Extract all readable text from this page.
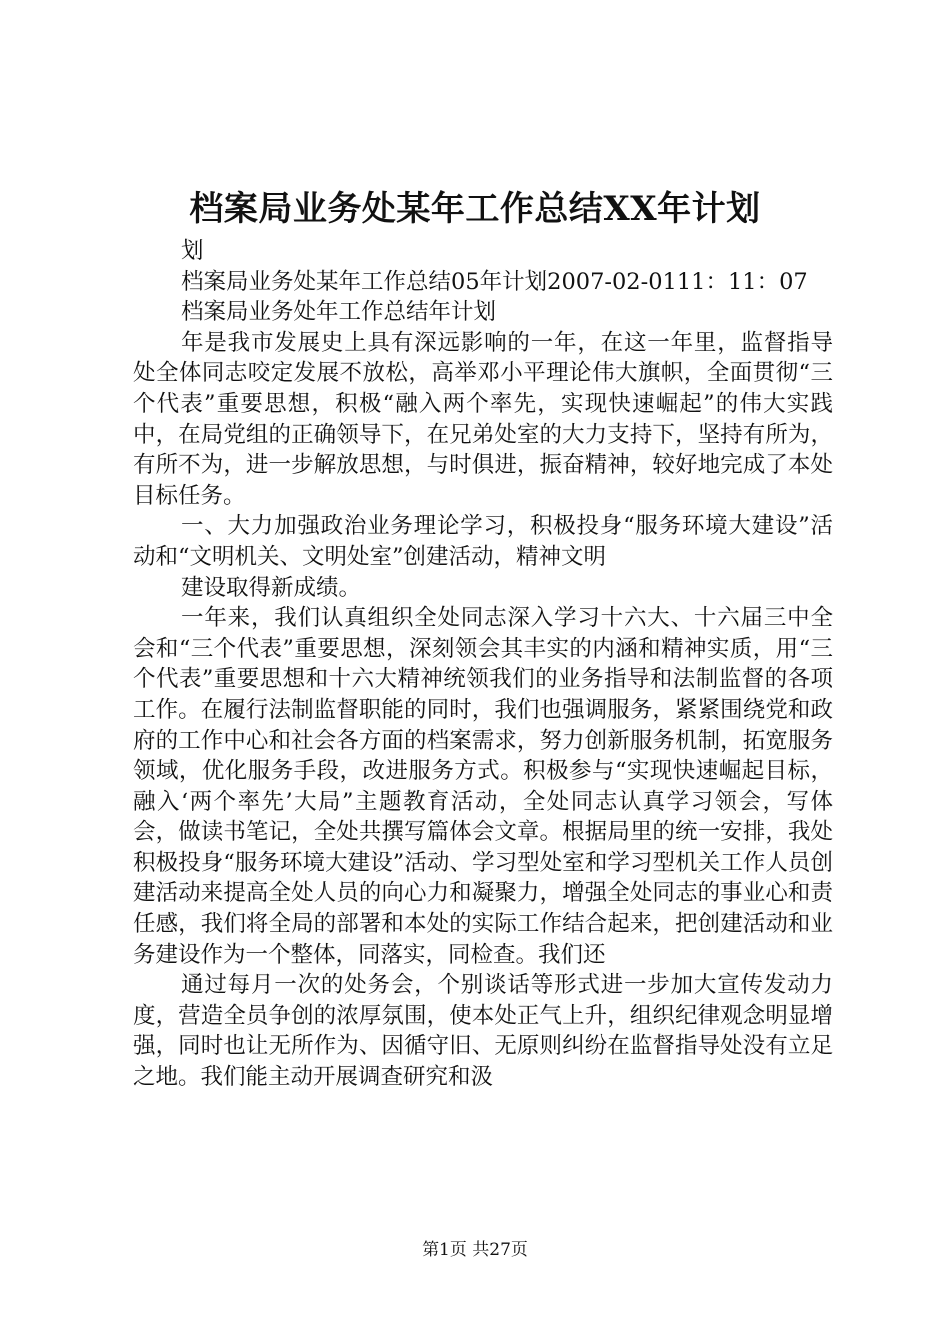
档案局业务处某年工作总结XX年计划

划

档案局业务处某年工作总结05年计划2007-02-0111：11：07

档案局业务处年工作总结年计划

年是我市发展史上具有深远影响的一年，在这一年里，监督指导处全体同志咬定发展不放松，高举邓小平理论伟大旗帜，全面贯彻“三个代表”重要思想，积极“融入两个率先，实现快速崛起”的伟大实践中，在局党组的正确领导下，在兄弟处室的大力支持下，坚持有所为，有所不为，进一步解放思想，与时俱进，振奋精神，较好地完成了本处目标任务。

一、大力加强政治业务理论学习，积极投身“服务环境大建设”活动和“文明机关、文明处室”创建活动，精神文明

建设取得新成绩。

一年来，我们认真组织全处同志深入学习十六大、十六届三中全会和“三个代表”重要思想，深刻领会其丰实的内涵和精神实质，用“三个代表”重要思想和十六大精神统领我们的业务指导和法制监督的各项工作。在履行法制监督职能的同时，我们也强调服务，紧紧围绕党和政府的工作中心和社会各方面的档案需求，努力创新服务机制，拓宽服务领域，优化服务手段，改进服务方式。积极参与“实现快速崛起目标，融入‘两个率先’大局”主题教育活动，全处同志认真学习领会，写体会，做读书笔记，全处共撰写篇体会文章。根据局里的统一安排，我处积极投身“服务环境大建设”活动、学习型处室和学习型机关工作人员创建活动来提高全处人员的向心力和凝聚力，增强全处同志的事业心和责任感，我们将全局的部署和本处的实际工作结合起来，把创建活动和业务建设作为一个整体，同落实，同检查。我们还

通过每月一次的处务会，个别谈话等形式进一步加大宣传发动力度，营造全员争创的浓厚氛围，使本处正气上升，组织纪律观念明显增强，同时也让无所作为、因循守旧、无原则纠纷在监督指导处没有立足之地。我们能主动开展调查研究和汲

第1页 共27页
